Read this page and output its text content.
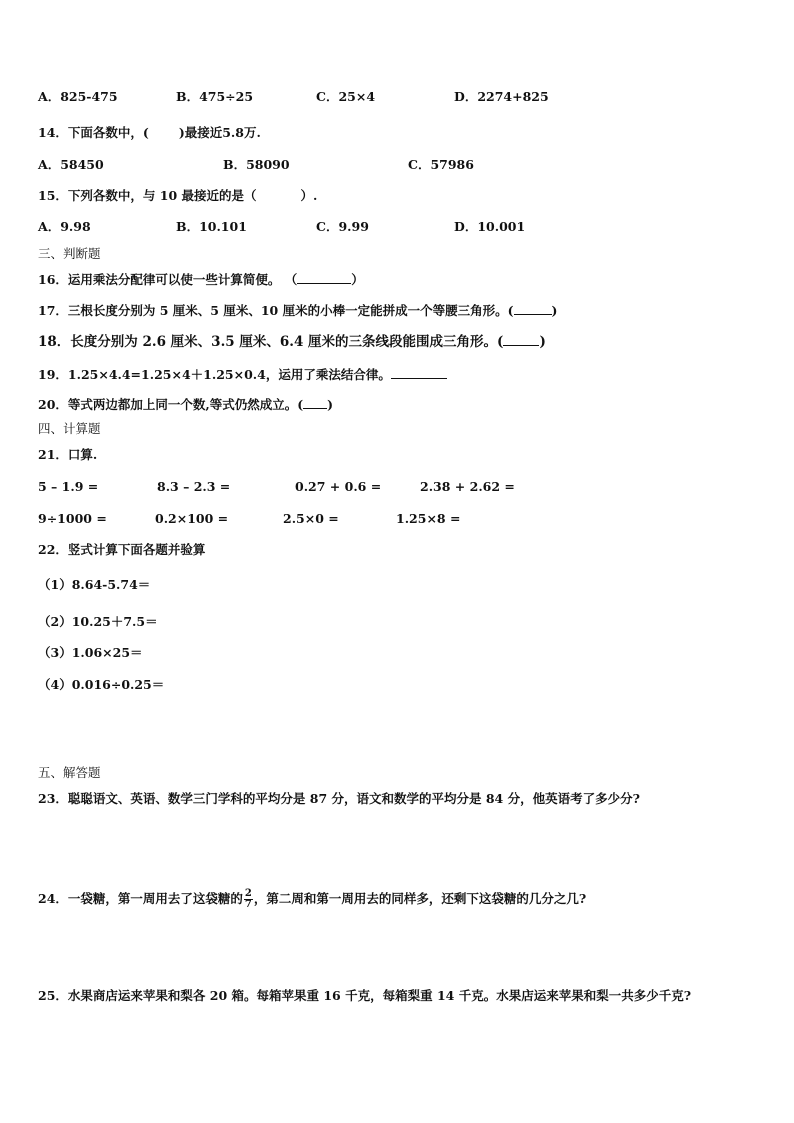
A．825-475	B．475÷25	C．25×4	D．2274+825
14．下面各数中，( )最接近5.8万.
A．58450	B．58090	C．57986
15．下列各数中，与 10 最接近的是（	）.
A．9.98	B．10.101	C．9.99	D．10.001
三、判断题
16．运用乘法分配律可以使一些计算简便。 （	）
17．三根长度分别为 5 厘米、5 厘米、10 厘米的小棒一定能拼成一个等腰三角形。(	)
18．长度分别为 2.6 厘米、3.5 厘米、6.4 厘米的三条线段能围成三角形。(	)
19．1.25×4.4=1.25×4＋1.25×0.4，运用了乘法结合律。
20．等式两边都加上同一个数,等式仍然成立。( )
四、计算题
21．口算.
5 – 1.9 =	8.3 – 2.3 =	0.27 + 0.6 =	2.38 + 2.62 =
9÷1000 =	0.2×100 =	2.5×0 =	1.25×8 =
22．竖式计算下面各题并验算
（1）8.64-5.74＝
（2）10.25＋7.5＝
（3）1.06×25＝
（4）0.016÷0.25＝
五、解答题
23．聪聪语文、英语、数学三门学科的平均分是 87 分，语文和数学的平均分是 84 分，他英语考了多少分?
24．一袋糖，第一周用去了这袋糖的 $\frac{2}{7}$ ，第二周和第一周用去的同样多，还剩下这袋糖的几分之几?
25．水果商店运来苹果和梨各 20 箱。每箱苹果重 16 千克，每箱梨重 14 千克。水果店运来苹果和梨一共多少千克?
